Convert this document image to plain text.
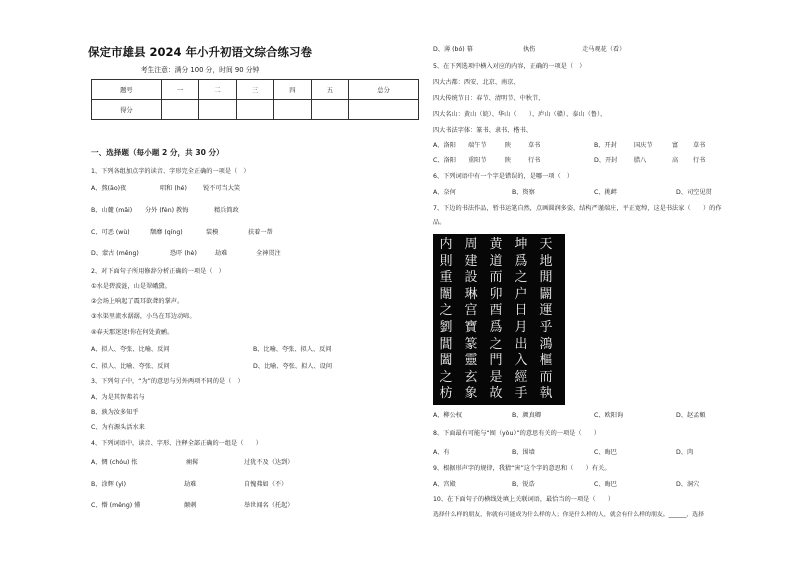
保定市雄县 2024 年小升初语文综合练习卷
考生注意：满分 100 分，时间 90 分钟
题号	一	二	三	四	五	总分
得分						
一、选择题（每小题 2 分，共 30 分）
1、下列各组加点字的读音、字形完全正确的一项是（　）
A、熬(āo)夜	唱和 (hé)	锐不可当大笑
B、山麓 (mǎi) 分外 (fèn) 教悔	精兵简政
C、可恶 (wù)	颓靡 (qíng)	装模	扶着一帮
D、蒙古 (měng)	恐吓 (hè)	劫难	全神贯注
2、对下面句子所用修辞分析正确的一项是（　）
①水是碧波涟，山是翠峨黛。
②会场上响起了震耳欲聋的掌声。
③水渠里流水潺潺，小鸟在耳边动啼。
④春天那迷迷!你在何处黄鹂。
A、拟人、夸张、比喻、反问	B、比喻、夸张、拟人、反问
C、拟人、比喻、夸张、反问	D、比喻、夸张、拟人、设问
3、下列句子中，“为”的意思与另外两项不同的是（　）
A、为是其智弗若与
B、孰为汝多知乎
C、为有源头活水来
4、下列词语中，读音、字形、注释全部正确的一组是（　　）
A、惆 (chóu) 怅	痈髯	过犹不及（达到）
B、涂辉 (yì)	劫难	自愧弗如（不）
C、懵 (měng) 懂	颠刺	举世闻名（托起）
D、薄 (bó) 幕	执伤	走马观花（看）
5、在下列选项中横入对应的内容，正确的一项是（　）
四大古都：西安、北京、南京、
四大传统节日：春节、清明节、中秋节、
四大名山：黄山（皖）、华山（　　）、庐山（赣）、泰山（鲁）、
四大书法字体：篆书、隶书、楷书、
A、洛阳 端午节	陕	草书	B、开封	国庆节	富 草书
C、洛阳 重阳节	陕	行书	D、开封	腊八	高 行书
6、下列词语中有一个字是错误的，是哪一项（　）
A、奈何	B、资察	C、挑衅	D、司空见贯
7、下边的书法作品，暂书运笔自然，点画圆润多姿，结构严谨端庄，平正宽绰，这是书法家（　　）的作
品。
天
地
閒
闢
運
乎
鴻
樞
而
執
坤
爲
之
户
日
月
出
入
經
手
黄
道
而
卯
酉
爲
之
門
是
故
周
建
設
琳
宫
寶
篆
靈
玄
象
内
則
重
闈
之
劉
閶
闔
之
枋
A、柳公权	B、颜真卿	C、欧阳询	D、赵孟頫
8、下面最有可能与“囿（yòu）”的意思有关的一项是（　　）
A、有	B、围墙	C、晦巴	D、肉
9、根据形声字的规律，我猜“害”这个字的意思和（　　）有关。
A、宫殿	B、锐诰	C、晦巴	D、洞穴
10、在下面句子的横线处填上关联词语，最恰当的一项是（　　）
选择什么样的朋友，你就有可能成为什么样的人；你是什么样的人，就会有什么样的朋友。______，选择
